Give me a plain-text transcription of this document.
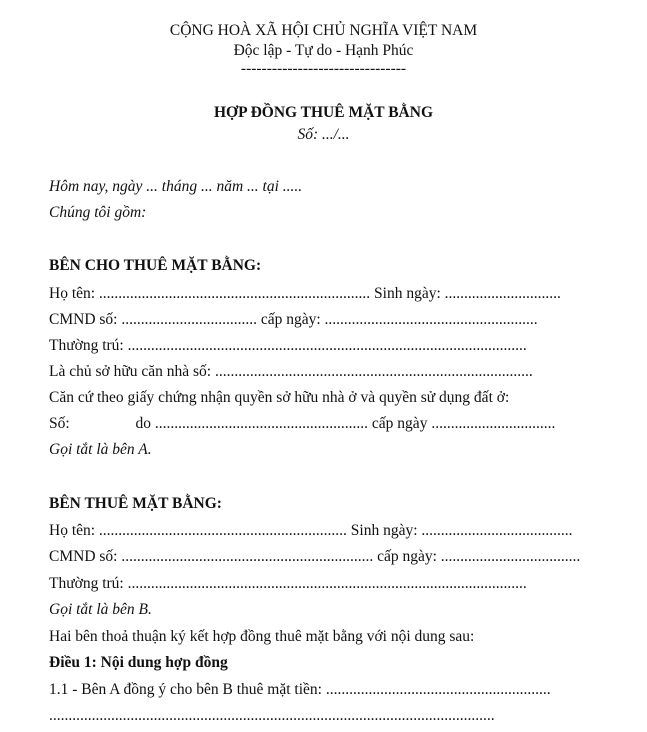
CỘNG HOÀ XÃ HỘI CHỦ NGHĨA VIỆT NAM
Độc lập - Tự do - Hạnh Phúc
--------------------------------
HỢP ĐỒNG THUÊ MẶT BẰNG
Số: .../...
Hôm nay, ngày ... tháng ... năm ... tại .....
Chúng tôi gồm:
BÊN CHO THUÊ MẶT BẰNG:
Họ tên: ...................................................................... Sinh ngày: ..............................
CMND số: ................................... cấp ngày: .......................................................
Thường trú: .......................................................................................................
Là chủ sở hữu căn nhà số: ..................................................................................
Căn cứ theo giấy chứng nhận quyền sở hữu nhà ở và quyền sử dụng đất ở:
Số:                 do ....................................................... cấp ngày ................................
Gọi tắt là bên A.
BÊN THUÊ MẶT BẰNG:
Họ tên: ................................................................ Sinh ngày: .......................................
CMND số: ................................................................. cấp ngày: ....................................
Thường trú: .......................................................................................................
Gọi tắt là bên B.
Hai bên thoả thuận ký kết hợp đồng thuê mặt bằng với nội dung sau:
Điều 1: Nội dung hợp đồng
1.1 - Bên A đồng ý cho bên B thuê mặt tiền: ..........................................................
...................................................................................................................
